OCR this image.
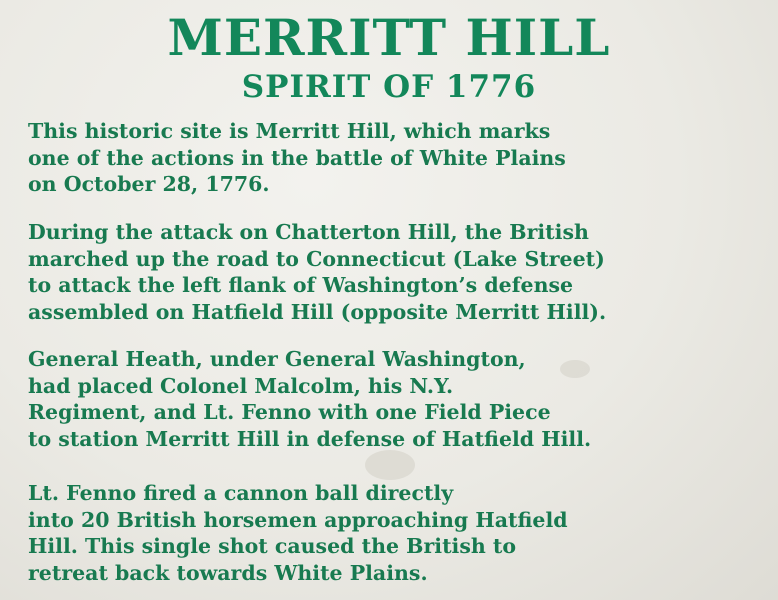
MERRITT HILL
SPIRIT OF 1776
This historic site is Merritt Hill, which marks
one of the actions in the battle of White Plains
on October 28, 1776.
During the attack on Chatterton Hill, the British
marched up the road to Connecticut (Lake Street)
to attack the left flank of Washington’s defense
assembled on Hatfield Hill (opposite Merritt Hill).
General Heath, under General Washington,
had placed Colonel Malcolm, his N.Y.
Regiment, and Lt. Fenno with one Field Piece
to station Merritt Hill in defense of Hatfield Hill.
Lt. Fenno fired a cannon ball directly
into 20 British horsemen approaching Hatfield
Hill. This single shot caused the British to
retreat back towards White Plains.
